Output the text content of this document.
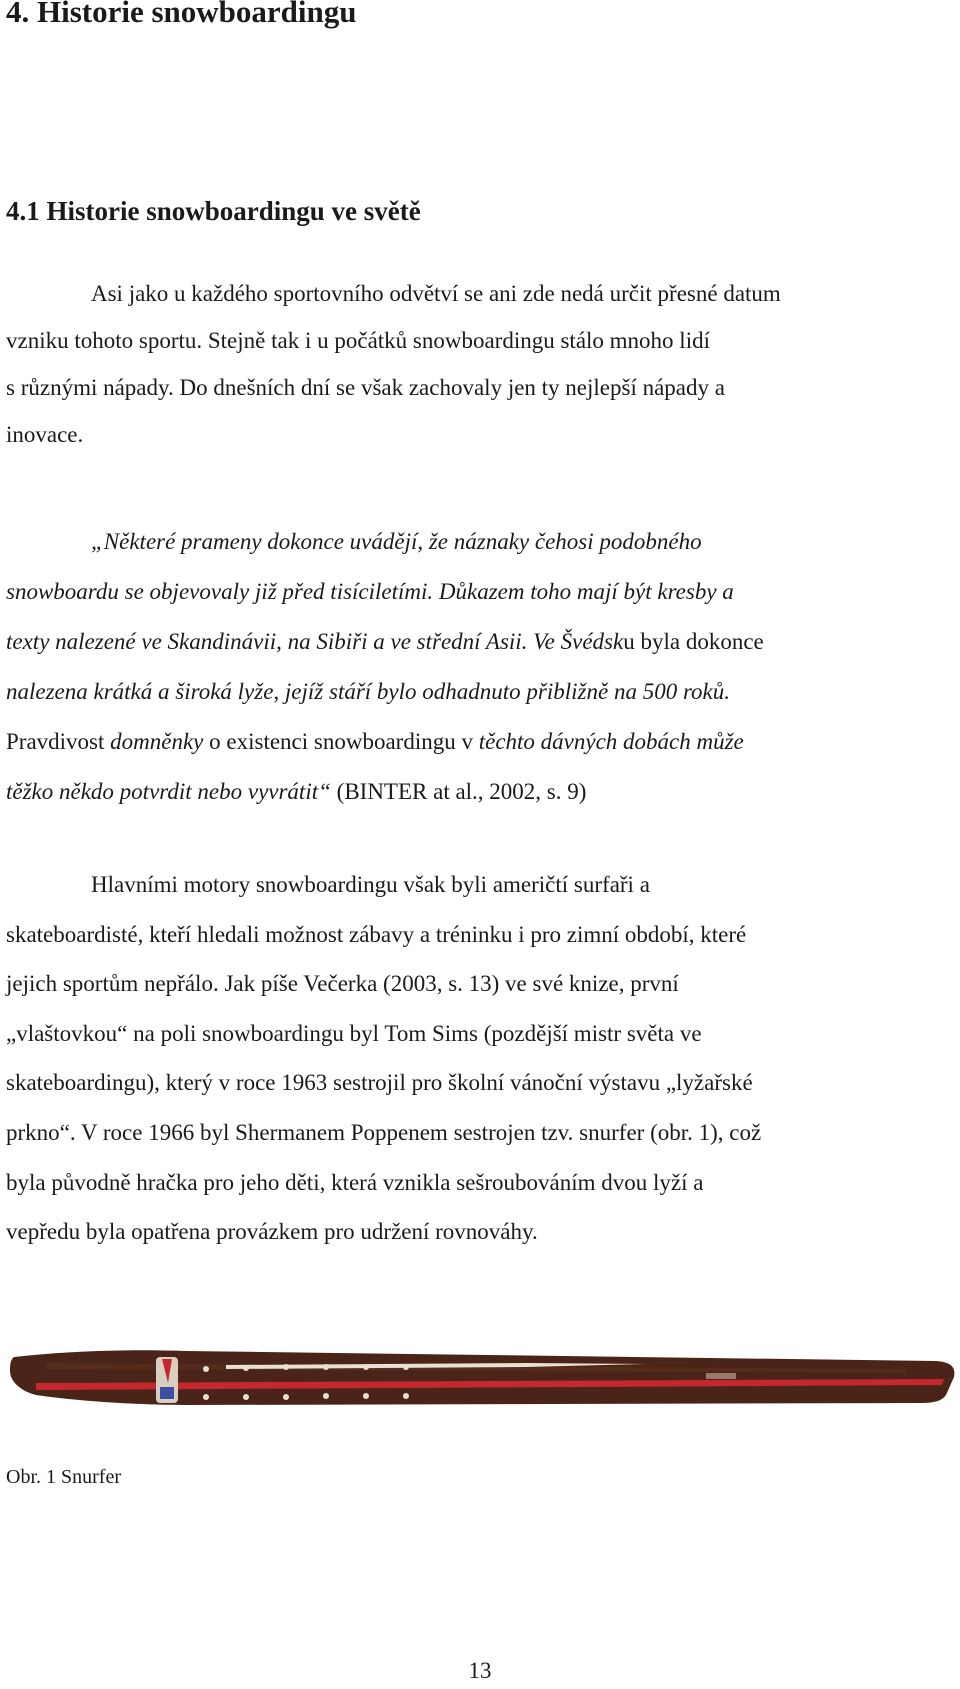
4. Historie snowboardingu
4.1 Historie snowboardingu ve světě
Asi jako u každého sportovního odvětví se ani zde nedá určit přesné datum
vzniku tohoto sportu. Stejně tak i u počátků snowboardingu stálo mnoho lidí
s různými nápady. Do dnešních dní se však zachovaly jen ty nejlepší nápady a
inovace.
„Některé prameny dokonce uvádějí, že náznaky čehosi podobného
snowboardu se objevovaly již před tisíciletími. Důkazem toho mají být kresby a
texty nalezené ve Skandinávii, na Sibiři a ve střední Asii. Ve Švédsku byla dokonce
nalezena krátká a široká lyže, jejíž stáří bylo odhadnuto přibližně na 500 roků.
Pravdivost domněnky o existenci snowboardingu v těchto dávných dobách může
těžko někdo potvrdit nebo vyvrátit“ (BINTER at al., 2002, s. 9)
Hlavními motory snowboardingu však byli američtí surfaři a
skateboardisté, kteří hledali možnost zábavy a tréninku i pro zimní období, které
jejich sportům nepřálo. Jak píše Večerka (2003, s. 13) ve své knize, první
„vlaštovkou“ na poli snowboardingu byl Tom Sims (pozdější mistr světa ve
skateboardingu), který v roce 1963 sestrojil pro školní vánoční výstavu „lyžařské
prkno“. V roce 1966 byl Shermanem Poppenem sestrojen tzv. snurfer (obr. 1), což
byla původně hračka pro jeho děti, která vznikla sešroubováním dvou lyží a
vepředu byla opatřena provázkem pro udržení rovnováhy.
Obr. 1 Snurfer
13
